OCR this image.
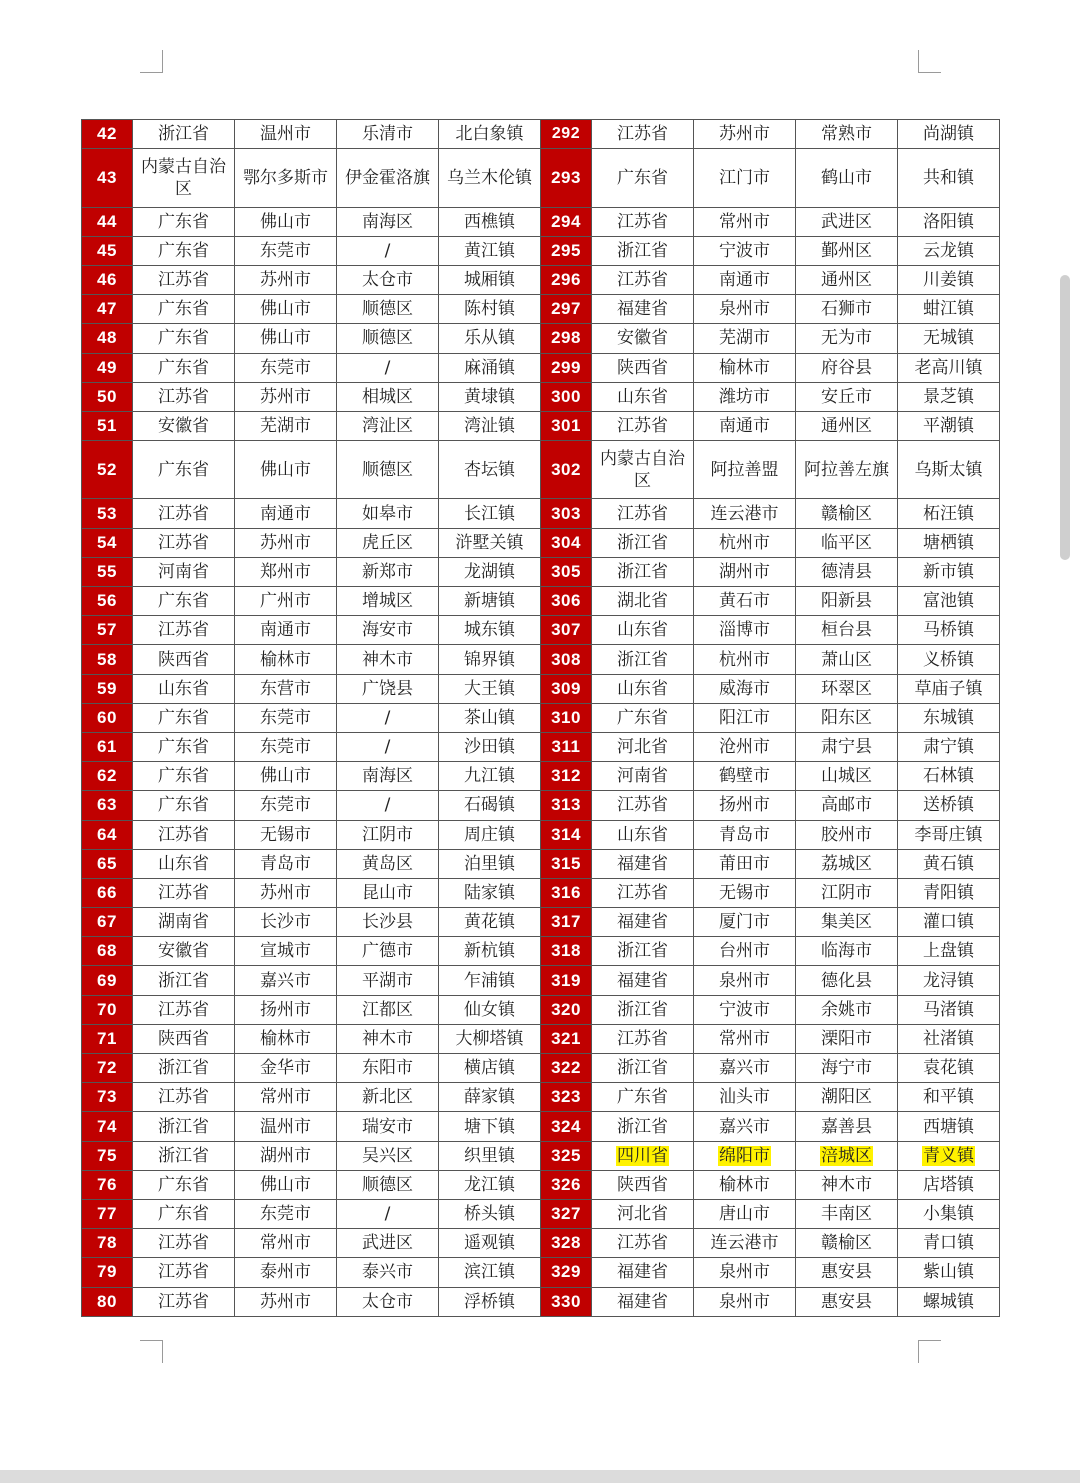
42	浙江省	温州市	乐清市	北白象镇	292	江苏省	苏州市	常熟市	尚湖镇
43	内蒙古自治区	鄂尔多斯市	伊金霍洛旗	乌兰木伦镇	293	广东省	江门市	鹤山市	共和镇
44	广东省	佛山市	南海区	西樵镇	294	江苏省	常州市	武进区	洛阳镇
45	广东省	东莞市	/	黄江镇	295	浙江省	宁波市	鄞州区	云龙镇
46	江苏省	苏州市	太仓市	城厢镇	296	江苏省	南通市	通州区	川姜镇
47	广东省	佛山市	顺德区	陈村镇	297	福建省	泉州市	石狮市	蚶江镇
48	广东省	佛山市	顺德区	乐从镇	298	安徽省	芜湖市	无为市	无城镇
49	广东省	东莞市	/	麻涌镇	299	陕西省	榆林市	府谷县	老高川镇
50	江苏省	苏州市	相城区	黄埭镇	300	山东省	潍坊市	安丘市	景芝镇
51	安徽省	芜湖市	湾沚区	湾沚镇	301	江苏省	南通市	通州区	平潮镇
52	广东省	佛山市	顺德区	杏坛镇	302	内蒙古自治区	阿拉善盟	阿拉善左旗	乌斯太镇
53	江苏省	南通市	如皋市	长江镇	303	江苏省	连云港市	赣榆区	柘汪镇
54	江苏省	苏州市	虎丘区	浒墅关镇	304	浙江省	杭州市	临平区	塘栖镇
55	河南省	郑州市	新郑市	龙湖镇	305	浙江省	湖州市	德清县	新市镇
56	广东省	广州市	增城区	新塘镇	306	湖北省	黄石市	阳新县	富池镇
57	江苏省	南通市	海安市	城东镇	307	山东省	淄博市	桓台县	马桥镇
58	陕西省	榆林市	神木市	锦界镇	308	浙江省	杭州市	萧山区	义桥镇
59	山东省	东营市	广饶县	大王镇	309	山东省	威海市	环翠区	草庙子镇
60	广东省	东莞市	/	茶山镇	310	广东省	阳江市	阳东区	东城镇
61	广东省	东莞市	/	沙田镇	311	河北省	沧州市	肃宁县	肃宁镇
62	广东省	佛山市	南海区	九江镇	312	河南省	鹤壁市	山城区	石林镇
63	广东省	东莞市	/	石碣镇	313	江苏省	扬州市	高邮市	送桥镇
64	江苏省	无锡市	江阴市	周庄镇	314	山东省	青岛市	胶州市	李哥庄镇
65	山东省	青岛市	黄岛区	泊里镇	315	福建省	莆田市	荔城区	黄石镇
66	江苏省	苏州市	昆山市	陆家镇	316	江苏省	无锡市	江阴市	青阳镇
67	湖南省	长沙市	长沙县	黄花镇	317	福建省	厦门市	集美区	灌口镇
68	安徽省	宣城市	广德市	新杭镇	318	浙江省	台州市	临海市	上盘镇
69	浙江省	嘉兴市	平湖市	乍浦镇	319	福建省	泉州市	德化县	龙浔镇
70	江苏省	扬州市	江都区	仙女镇	320	浙江省	宁波市	余姚市	马渚镇
71	陕西省	榆林市	神木市	大柳塔镇	321	江苏省	常州市	溧阳市	社渚镇
72	浙江省	金华市	东阳市	横店镇	322	浙江省	嘉兴市	海宁市	袁花镇
73	江苏省	常州市	新北区	薛家镇	323	广东省	汕头市	潮阳区	和平镇
74	浙江省	温州市	瑞安市	塘下镇	324	浙江省	嘉兴市	嘉善县	西塘镇
75	浙江省	湖州市	吴兴区	织里镇	325	四川省	绵阳市	涪城区	青义镇
76	广东省	佛山市	顺德区	龙江镇	326	陕西省	榆林市	神木市	店塔镇
77	广东省	东莞市	/	桥头镇	327	河北省	唐山市	丰南区	小集镇
78	江苏省	常州市	武进区	遥观镇	328	江苏省	连云港市	赣榆区	青口镇
79	江苏省	泰州市	泰兴市	滨江镇	329	福建省	泉州市	惠安县	紫山镇
80	江苏省	苏州市	太仓市	浮桥镇	330	福建省	泉州市	惠安县	螺城镇
